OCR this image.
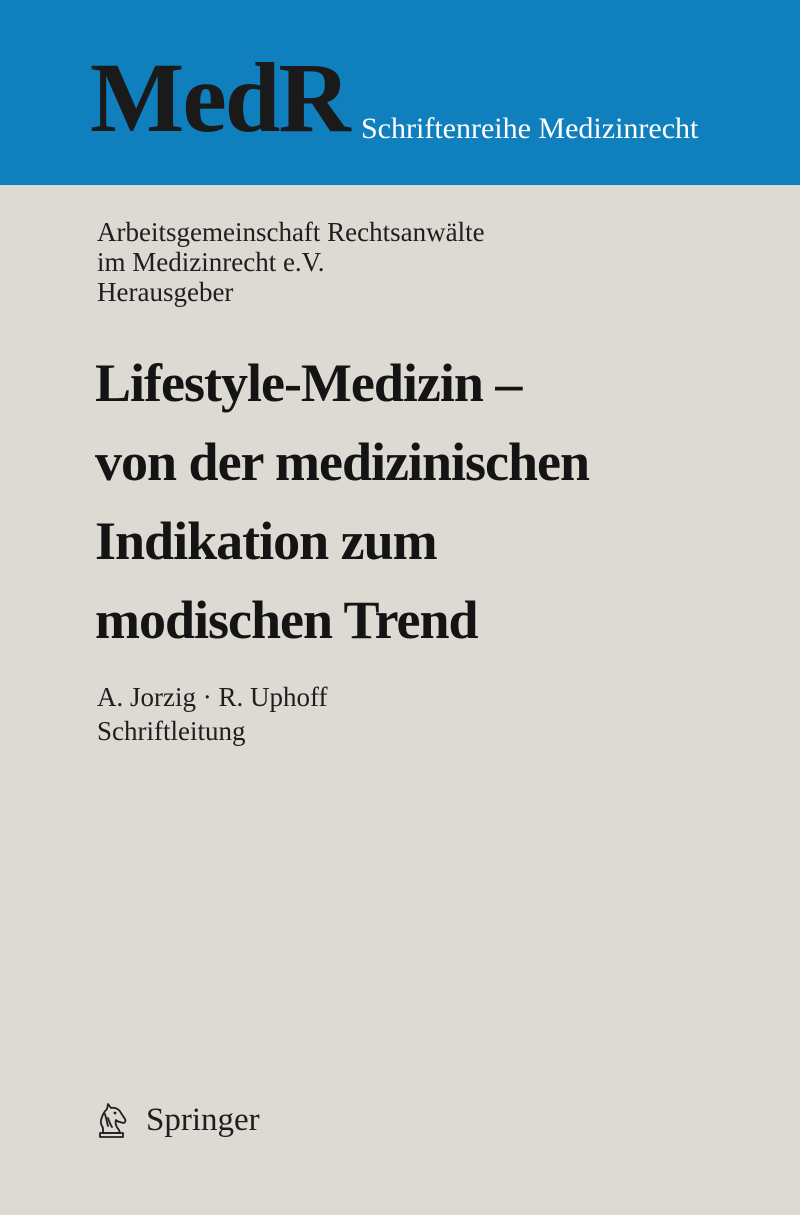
MedR Schriftenreihe Medizinrecht
Arbeitsgemeinschaft Rechtsanwälte
im Medizinrecht e.V.
Herausgeber
Lifestyle-Medizin –
von der medizinischen
Indikation zum
modischen Trend
A. Jorzig · R. Uphoff
Schriftleitung
Springer
